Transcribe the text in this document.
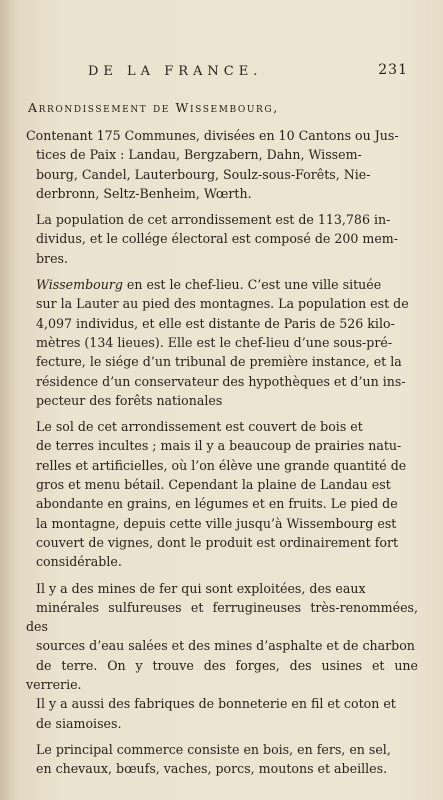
DE LA FRANCE.	231
Arrondissement de Wissembourg,

Contenant 175 Communes, divisées en 10 Cantons ou Jus-
tices de Paix : Landau, Bergzabern, Dahn, Wissem-
bourg, Candel, Lauterbourg, Soulz-sous-Forêts, Nie-
derbronn, Seltz-Benheim, Wœrth.

La population de cet arrondissement est de 113,786 in-
dividus, et le collége électoral est composé de 200 mem-
bres.

Wissembourg en est le chef-lieu. C’est une ville située
sur la Lauter au pied des montagnes. La population est de
4,097 individus, et elle est distante de Paris de 526 kilo-
mètres (134 lieues). Elle est le chef-lieu d’une sous-pré-
fecture, le siége d’un tribunal de première instance, et la
résidence d’un conservateur des hypothèques et d’un ins-
pecteur des forêts nationales

Le sol de cet arrondissement est couvert de bois et
de terres incultes ; mais il y a beaucoup de prairies natu-
relles et artificielles, où l’on élève une grande quantité de
gros et menu bétail. Cependant la plaine de Landau est
abondante en grains, en légumes et en fruits. Le pied de
la montagne, depuis cette ville jusqu’à Wissembourg est
couvert de vignes, dont le produit est ordinairement fort
considérable.

Il y a des mines de fer qui sont exploitées, des eaux
minérales sulfureuses et ferrugineuses très-renommées, des
sources d’eau salées et des mines d’asphalte et de charbon
de terre. On y trouve des forges, des usines et une verrerie.
Il y a aussi des fabriques de bonneterie en fil et coton et
de siamoises.

Le principal commerce consiste en bois, en fers, en sel,
en chevaux, bœufs, vaches, porcs, moutons et abeilles.
